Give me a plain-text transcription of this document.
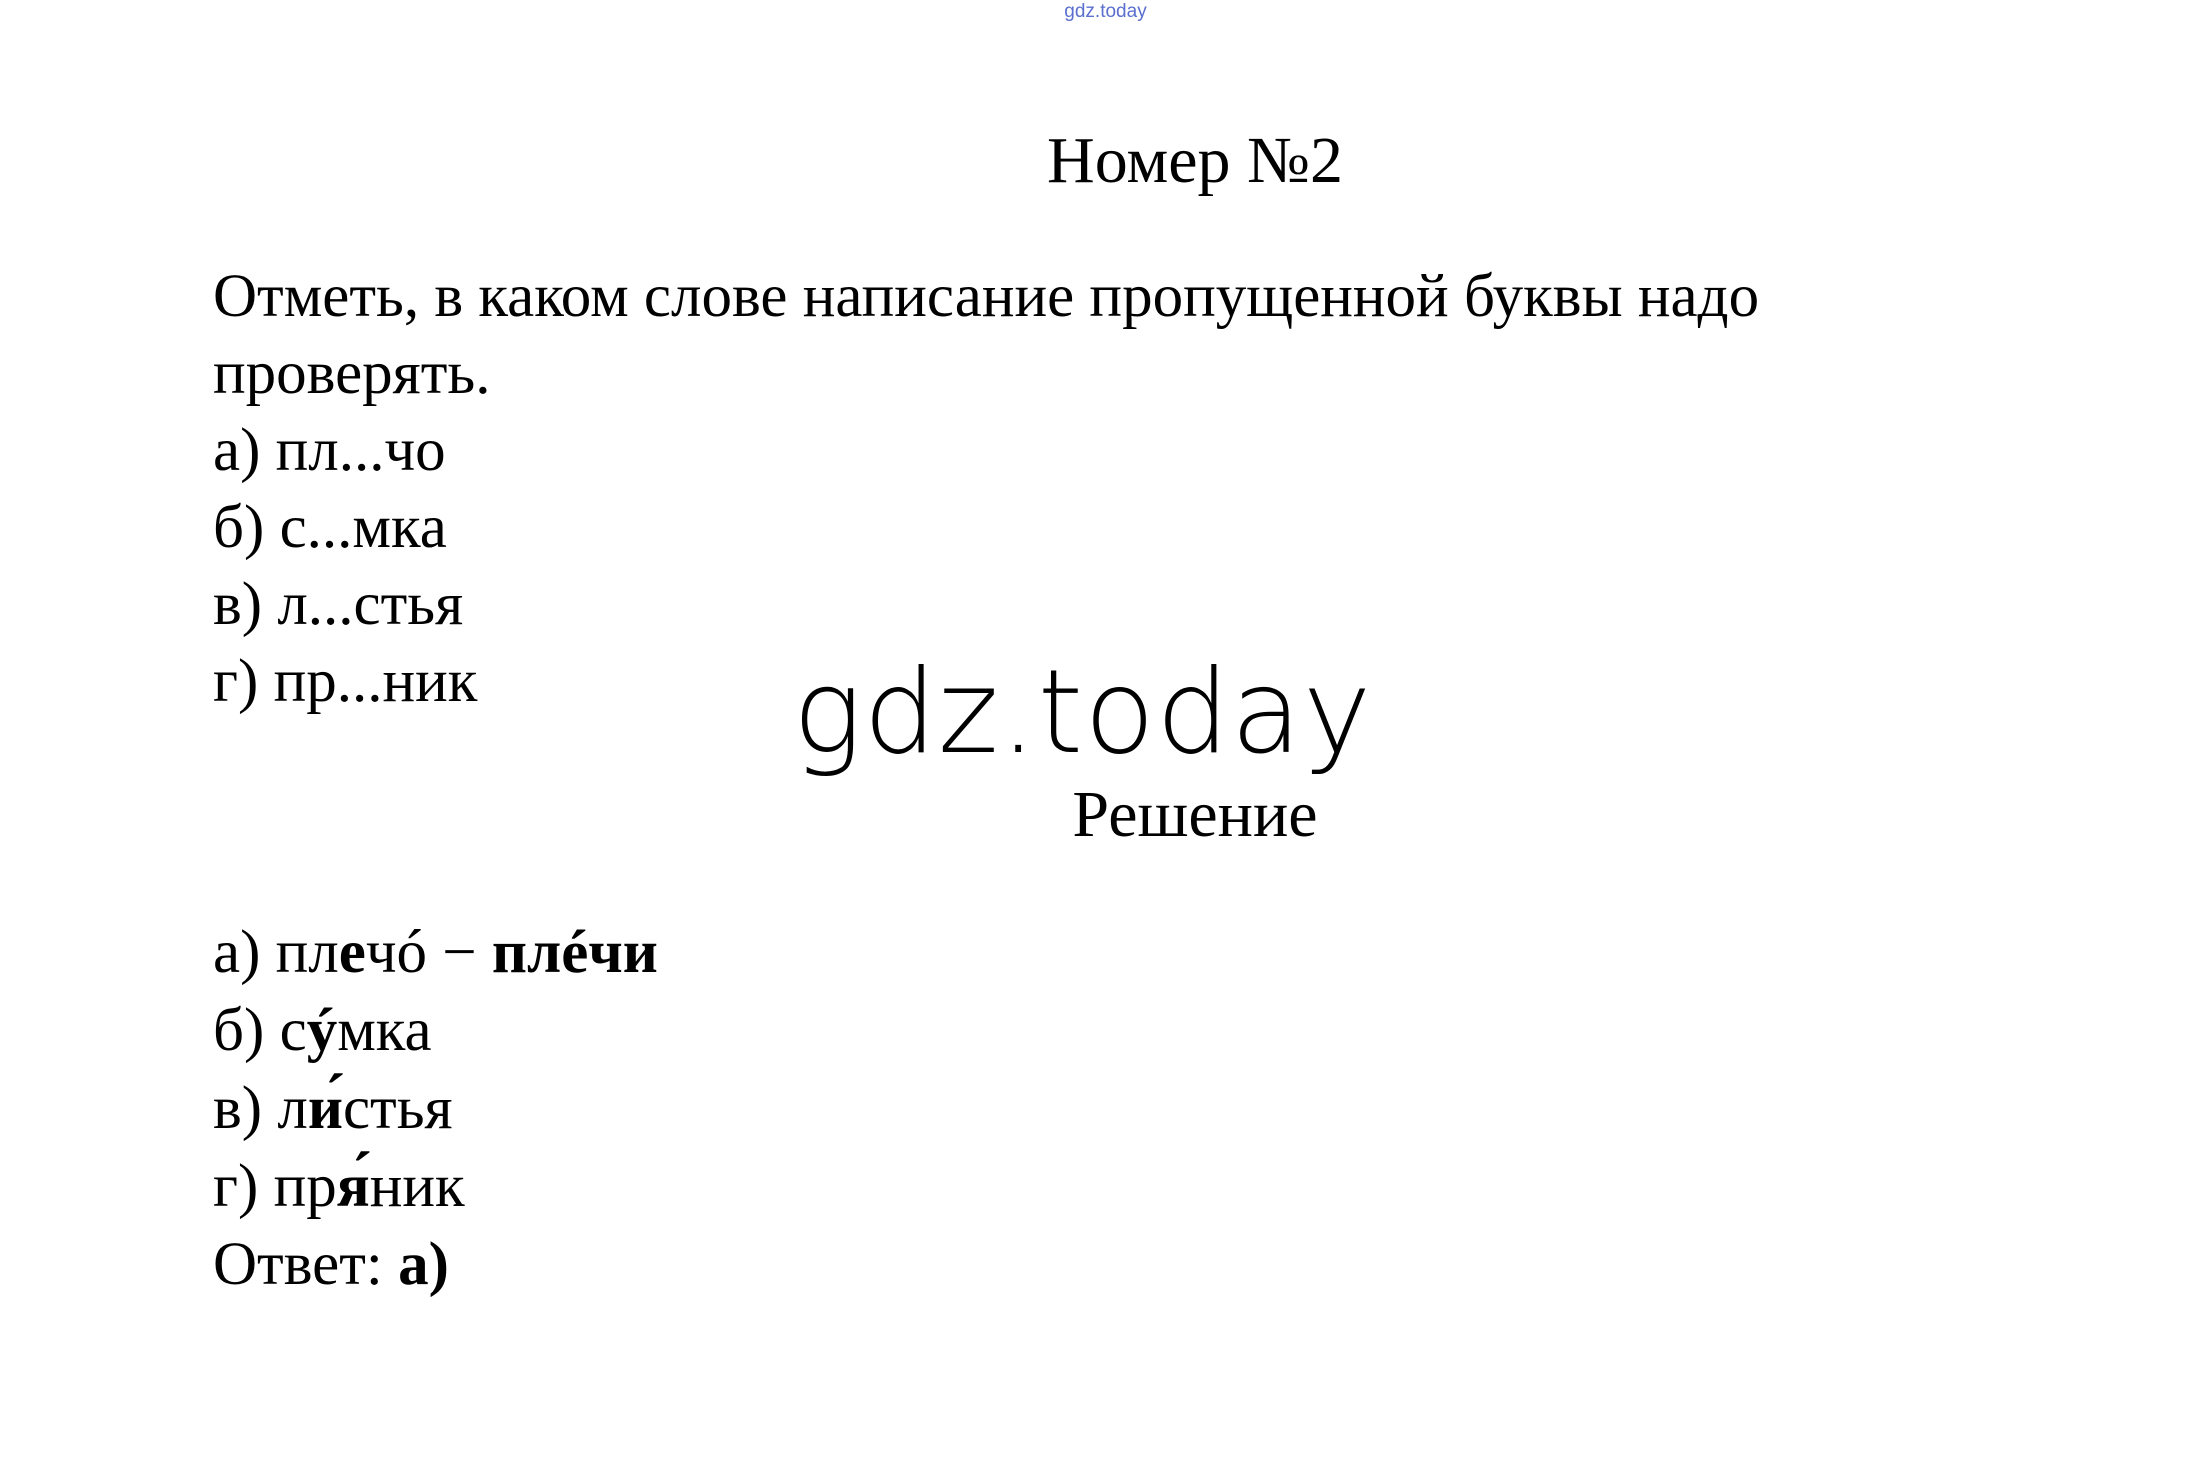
gdz.today
Номер №2
Отметь, в каком слове написание пропущенной буквы надо
проверять.
а) пл...чо
б) с...мка
в) л...стья
г) пр...ник	gdz.today
Решение
а) плечó − плéчи
б) сýмка
в) ли́стья
г) пря́ник
Ответ: а)
